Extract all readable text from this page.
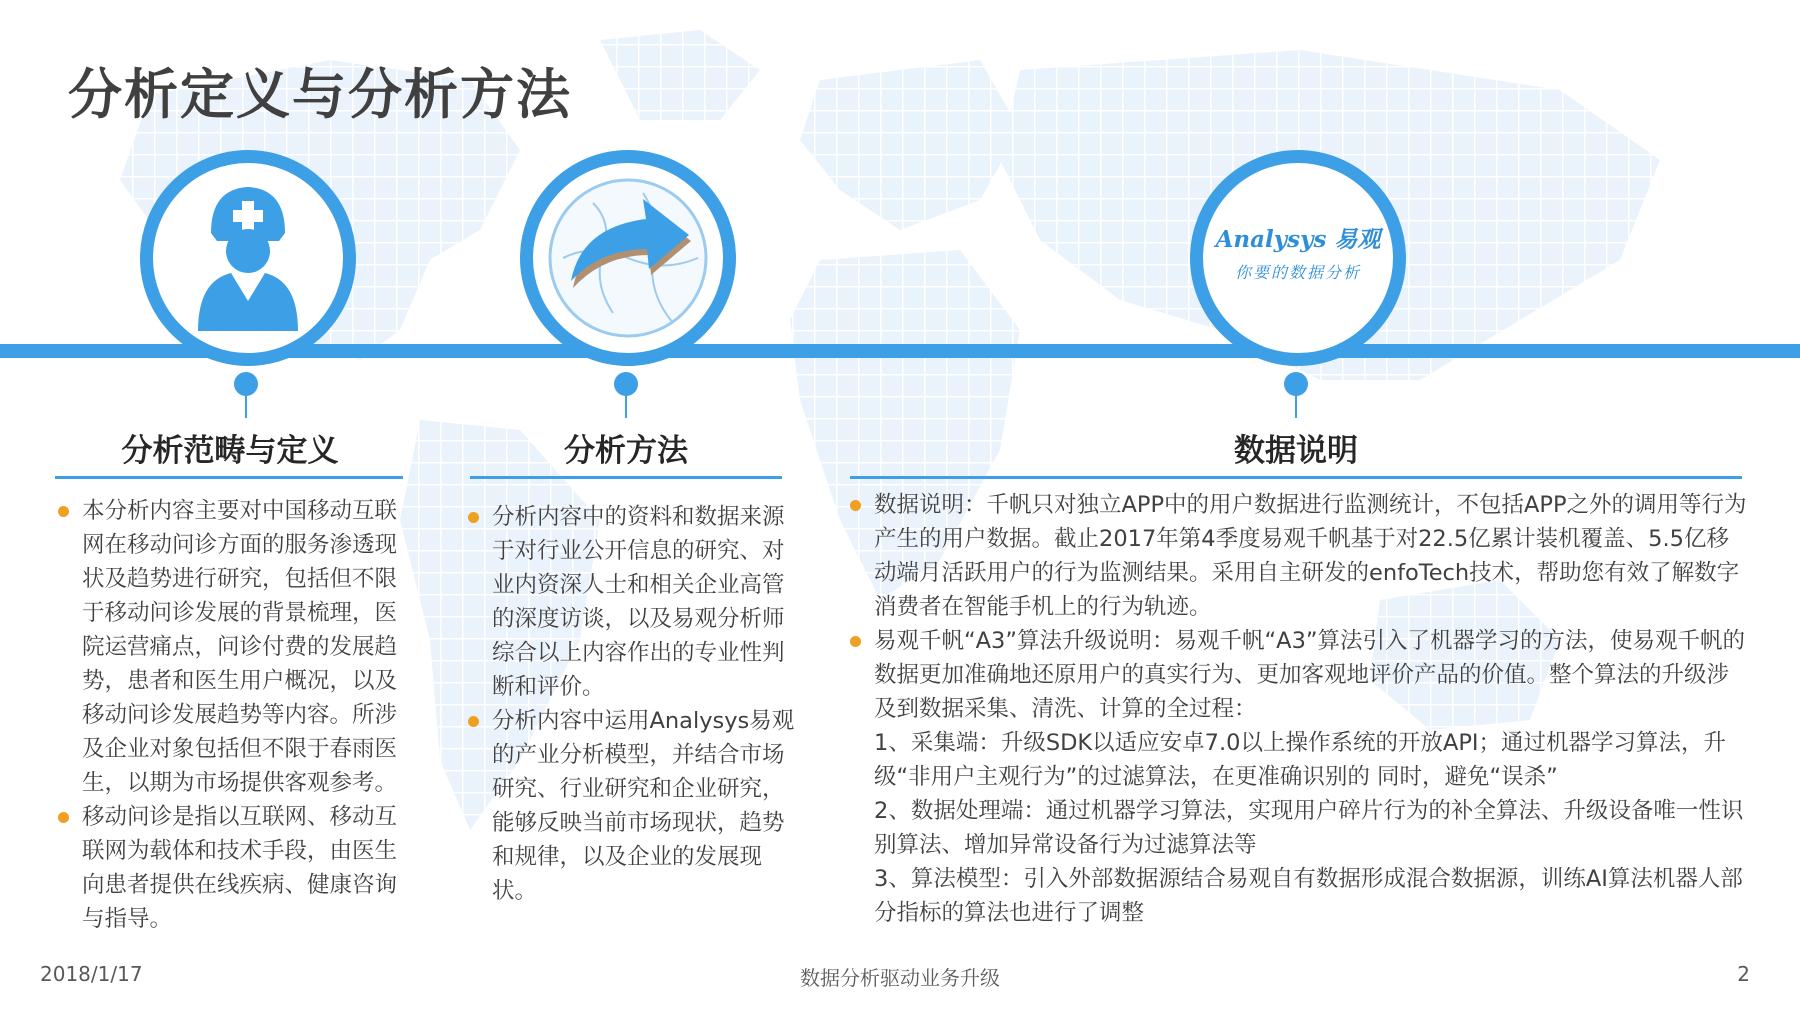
分析定义与分析方法
Analysys 易观
你要的数据分析
分析范畴与定义	分析方法	数据说明
本分析内容主要对中国移动互联网在移动问诊方面的服务渗透现状及趋势进行研究，包括但不限于移动问诊发展的背景梳理，医院运营痛点，问诊付费的发展趋势，患者和医生用户概况，以及移动问诊发展趋势等内容。所涉及企业对象包括但不限于春雨医生，以期为市场提供客观参考。
移动问诊是指以互联网、移动互联网为载体和技术手段，由医生向患者提供在线疾病、健康咨询与指导。
分析内容中的资料和数据来源于对行业公开信息的研究、对业内资深人士和相关企业高管的深度访谈，以及易观分析师综合以上内容作出的专业性判断和评价。
分析内容中运用Analysys易观的产业分析模型，并结合市场研究、行业研究和企业研究，能够反映当前市场现状，趋势和规律，以及企业的发展现状。
数据说明：千帆只对独立APP中的用户数据进行监测统计，不包括APP之外的调用等行为产生的用户数据。截止2017年第4季度易观千帆基于对22.5亿累计装机覆盖、5.5亿移动端月活跃用户的行为监测结果。采用自主研发的enfoTech技术，帮助您有效了解数字消费者在智能手机上的行为轨迹。
易观千帆“A3”算法升级说明：易观千帆“A3”算法引入了机器学习的方法，使易观千帆的数据更加准确地还原用户的真实行为、更加客观地评价产品的价值。整个算法的升级涉及到数据采集、清洗、计算的全过程：
1、采集端：升级SDK以适应安卓7.0以上操作系统的开放API；通过机器学习算法，升级“非用户主观行为”的过滤算法，在更准确识别的 同时，避免“误杀”
2、数据处理端：通过机器学习算法，实现用户碎片行为的补全算法、升级设备唯一性识别算法、增加异常设备行为过滤算法等
3、算法模型：引入外部数据源结合易观自有数据形成混合数据源，训练AI算法机器人部分指标的算法也进行了调整
2018/1/17	数据分析驱动业务升级	2
